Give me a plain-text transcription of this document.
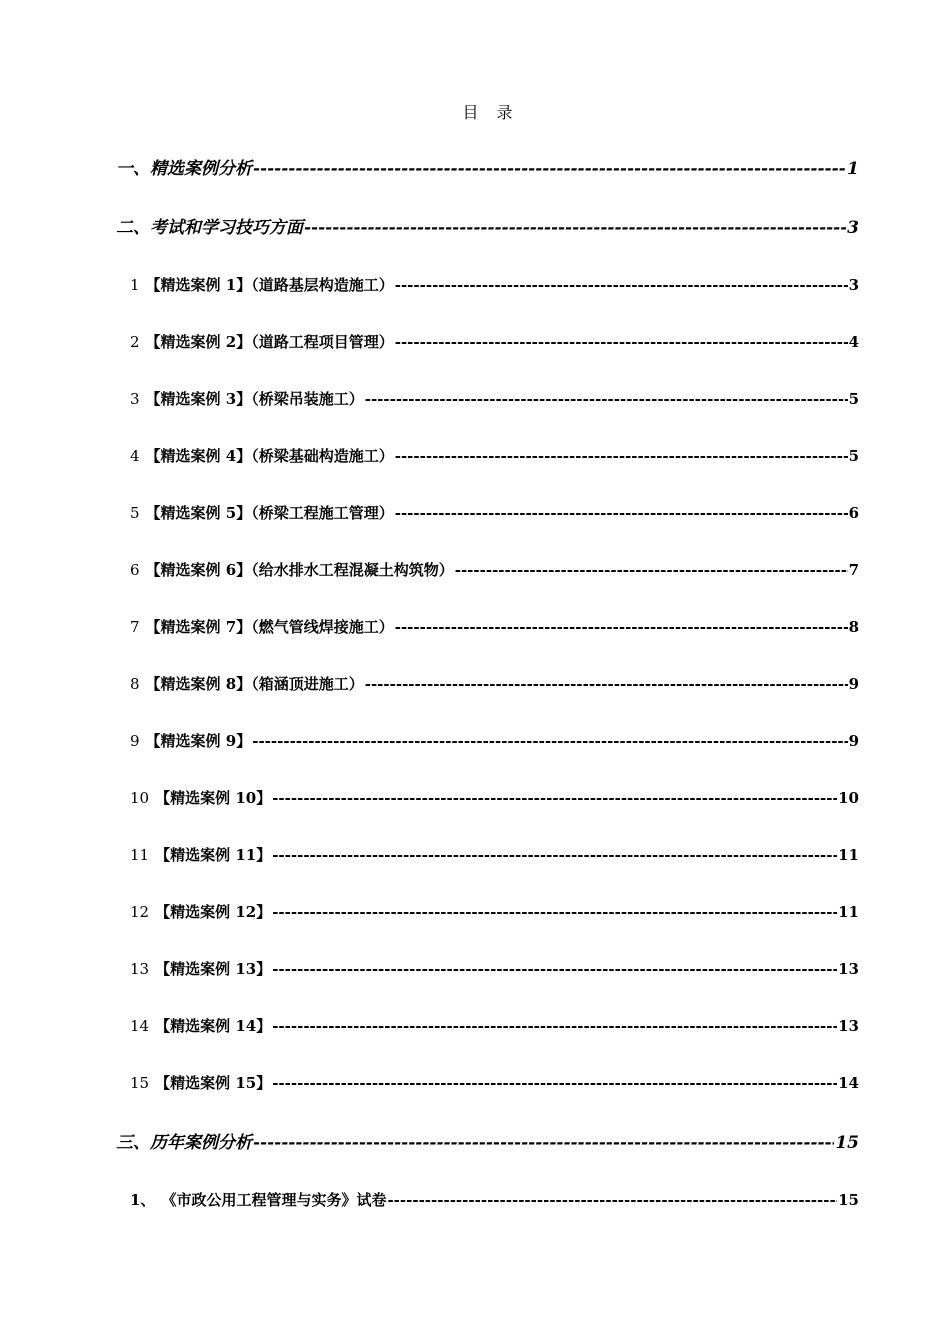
目 录
一、精选案例分析 -----	1
二、考试和学习技巧方面 -----	3
1 【精选案例 1】（道路基层构造施工） -----	3
2 【精选案例 2】（道路工程项目管理） -----	4
3 【精选案例 3】（桥梁吊装施工） -----	5
4 【精选案例 4】（桥梁基础构造施工） -----	5
5 【精选案例 5】（桥梁工程施工管理） -----	6
6 【精选案例 6】（给水排水工程混凝土构筑物） -----	7
7 【精选案例 7】（燃气管线焊接施工） -----	8
8 【精选案例 8】（箱涵顶进施工） -----	9
9 【精选案例 9】 -----	9
10 【精选案例 10】 -----	10
11 【精选案例 11】 -----	11
12 【精选案例 12】 -----	11
13 【精选案例 13】 -----	13
14 【精选案例 14】 -----	13
15 【精选案例 15】 -----	14
三、历年案例分析 -----	15
1、 《市政公用工程管理与实务》试卷 -----	15
